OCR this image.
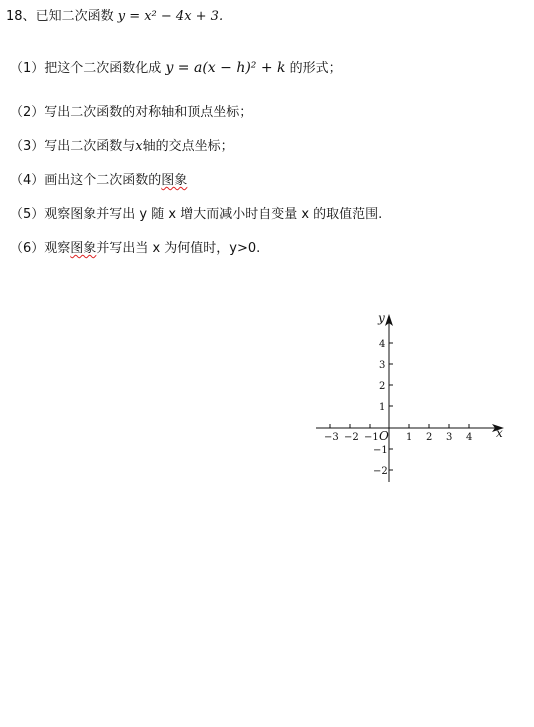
18、已知二次函数 y = x² − 4x + 3.
（1）把这个二次函数化成 y = a(x − h)² + k 的形式；
（2）写出二次函数的对称轴和顶点坐标；
（3）写出二次函数与x轴的交点坐标；
（4）画出这个二次函数的图象
（5）观察图象并写出 y 随 x 增大而减小时自变量 x 的取值范围.
（6）观察图象并写出当 x 为何值时，y>0.
x
y
O
−3 −2 −1	1 2 3 4
4
3
2
1
−1
−2
